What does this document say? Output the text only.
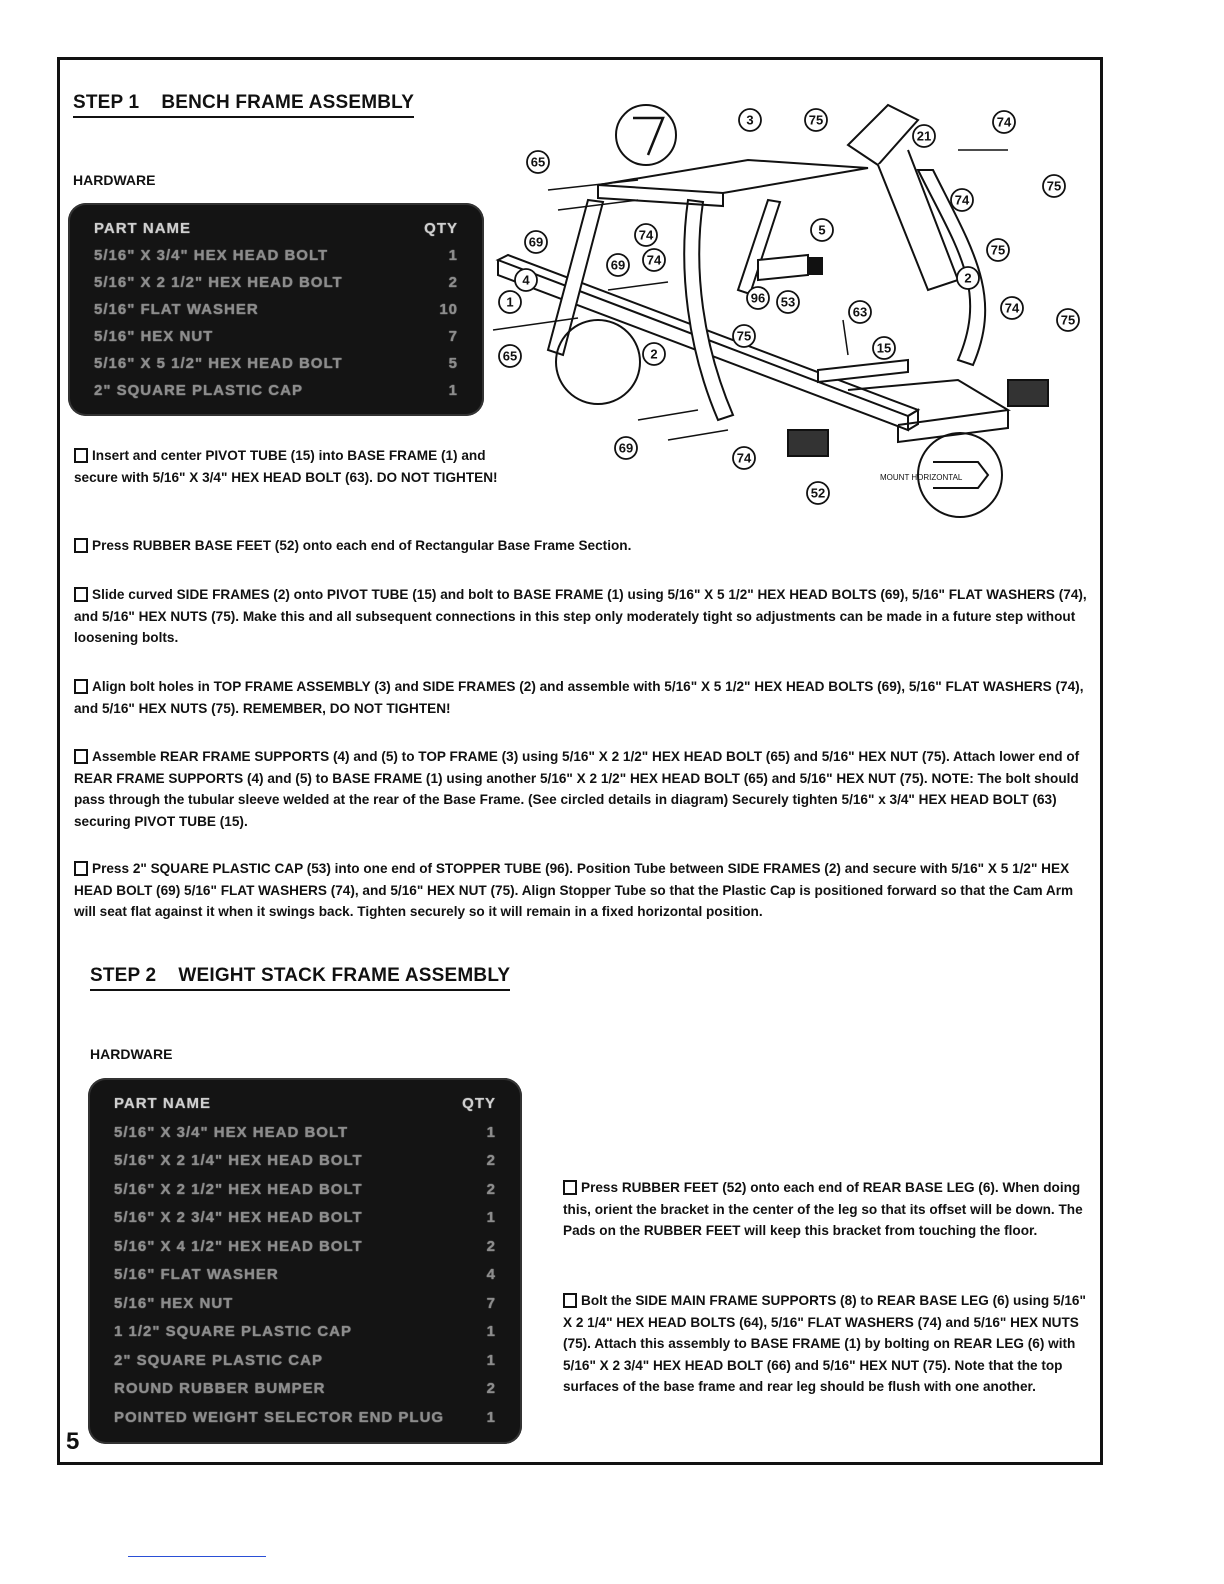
STEP 1 BENCH FRAME ASSEMBLY
HARDWARE
PART NAME	QTY
5/16" X 3/4" HEX HEAD BOLT	1
5/16" X 2 1/2" HEX HEAD BOLT	2
5/16" FLAT WASHER	10
5/16" HEX NUT	7
5/16" X 5 1/2" HEX HEAD BOLT	5
2" SQUARE PLASTIC CAP	1
Insert and center PIVOT TUBE (15) into BASE FRAME (1) and secure with 5/16" X 3/4" HEX HEAD BOLT (63). DO NOT TIGHTEN!
Press RUBBER BASE FEET (52) onto each end of Rectangular Base Frame Section.
Slide curved SIDE FRAMES (2) onto PIVOT TUBE (15) and bolt to BASE FRAME (1) using 5/16" X 5 1/2" HEX HEAD BOLTS (69), 5/16" FLAT WASHERS (74), and 5/16" HEX NUTS (75). Make this and all subsequent connections in this step only moderately tight so adjustments can be made in a future step without loosening bolts.
Align bolt holes in TOP FRAME ASSEMBLY (3) and SIDE FRAMES (2) and assemble with 5/16" X 5 1/2" HEX HEAD BOLTS (69), 5/16" FLAT WASHERS (74), and 5/16" HEX NUTS (75). REMEMBER, DO NOT TIGHTEN!
Assemble REAR FRAME SUPPORTS (4) and (5) to TOP FRAME (3) using 5/16" X 2 1/2" HEX HEAD BOLT (65) and 5/16" HEX NUT (75). Attach lower end of REAR FRAME SUPPORTS (4) and (5) to BASE FRAME (1) using another 5/16" X 2 1/2" HEX HEAD BOLT (65) and 5/16" HEX NUT (75). NOTE: The bolt should pass through the tubular sleeve welded at the rear of the Base Frame. (See circled details in diagram) Securely tighten 5/16" x 3/4" HEX HEAD BOLT (63) securing PIVOT TUBE (15).
Press 2" SQUARE PLASTIC CAP (53) into one end of STOPPER TUBE (96). Position Tube between SIDE FRAMES (2) and secure with 5/16" X 5 1/2" HEX HEAD BOLT (69) 5/16" FLAT WASHERS (74), and 5/16" HEX NUT (75). Align Stopper Tube so that the Plastic Cap is positioned forward so that the Cam Arm will seat flat against it when it swings back. Tighten securely so it will remain in a fixed horizontal position.
STEP 2 WEIGHT STACK FRAME ASSEMBLY
HARDWARE
PART NAME	QTY
5/16" X 3/4" HEX HEAD BOLT	1
5/16" X 2 1/4" HEX HEAD BOLT	2
5/16" X 2 1/2" HEX HEAD BOLT	2
5/16" X 2 3/4" HEX HEAD BOLT	1
5/16" X 4 1/2" HEX HEAD BOLT	2
5/16" FLAT WASHER	4
5/16" HEX NUT	7
1 1/2" SQUARE PLASTIC CAP	1
2" SQUARE PLASTIC CAP	1
ROUND RUBBER BUMPER	2
POINTED WEIGHT SELECTOR END PLUG	1
Press RUBBER FEET (52) onto each end of REAR BASE LEG (6). When doing this, orient the bracket in the center of the leg so that its offset will be down. The Pads on the RUBBER FEET will keep this bracket from touching the floor.
Bolt the SIDE MAIN FRAME SUPPORTS (8) to REAR BASE LEG (6) using 5/16" X 2 1/4" HEX HEAD BOLTS (64), 5/16" FLAT WASHERS (74) and 5/16" HEX NUTS (75). Attach this assembly to BASE FRAME (1) by bolting on REAR LEG (6) with 5/16" X 2 3/4" HEX HEAD BOLT (66) and 5/16" HEX NUT (75). Note that the top surfaces of the base frame and rear leg should be flush with one another.
5
3	75
21
74
75
65
74	5
74
75
69
69 74
1
4
96 53
2
63	74
75
65
15
2
75
69
74
52
MOUNT HORIZONTAL
